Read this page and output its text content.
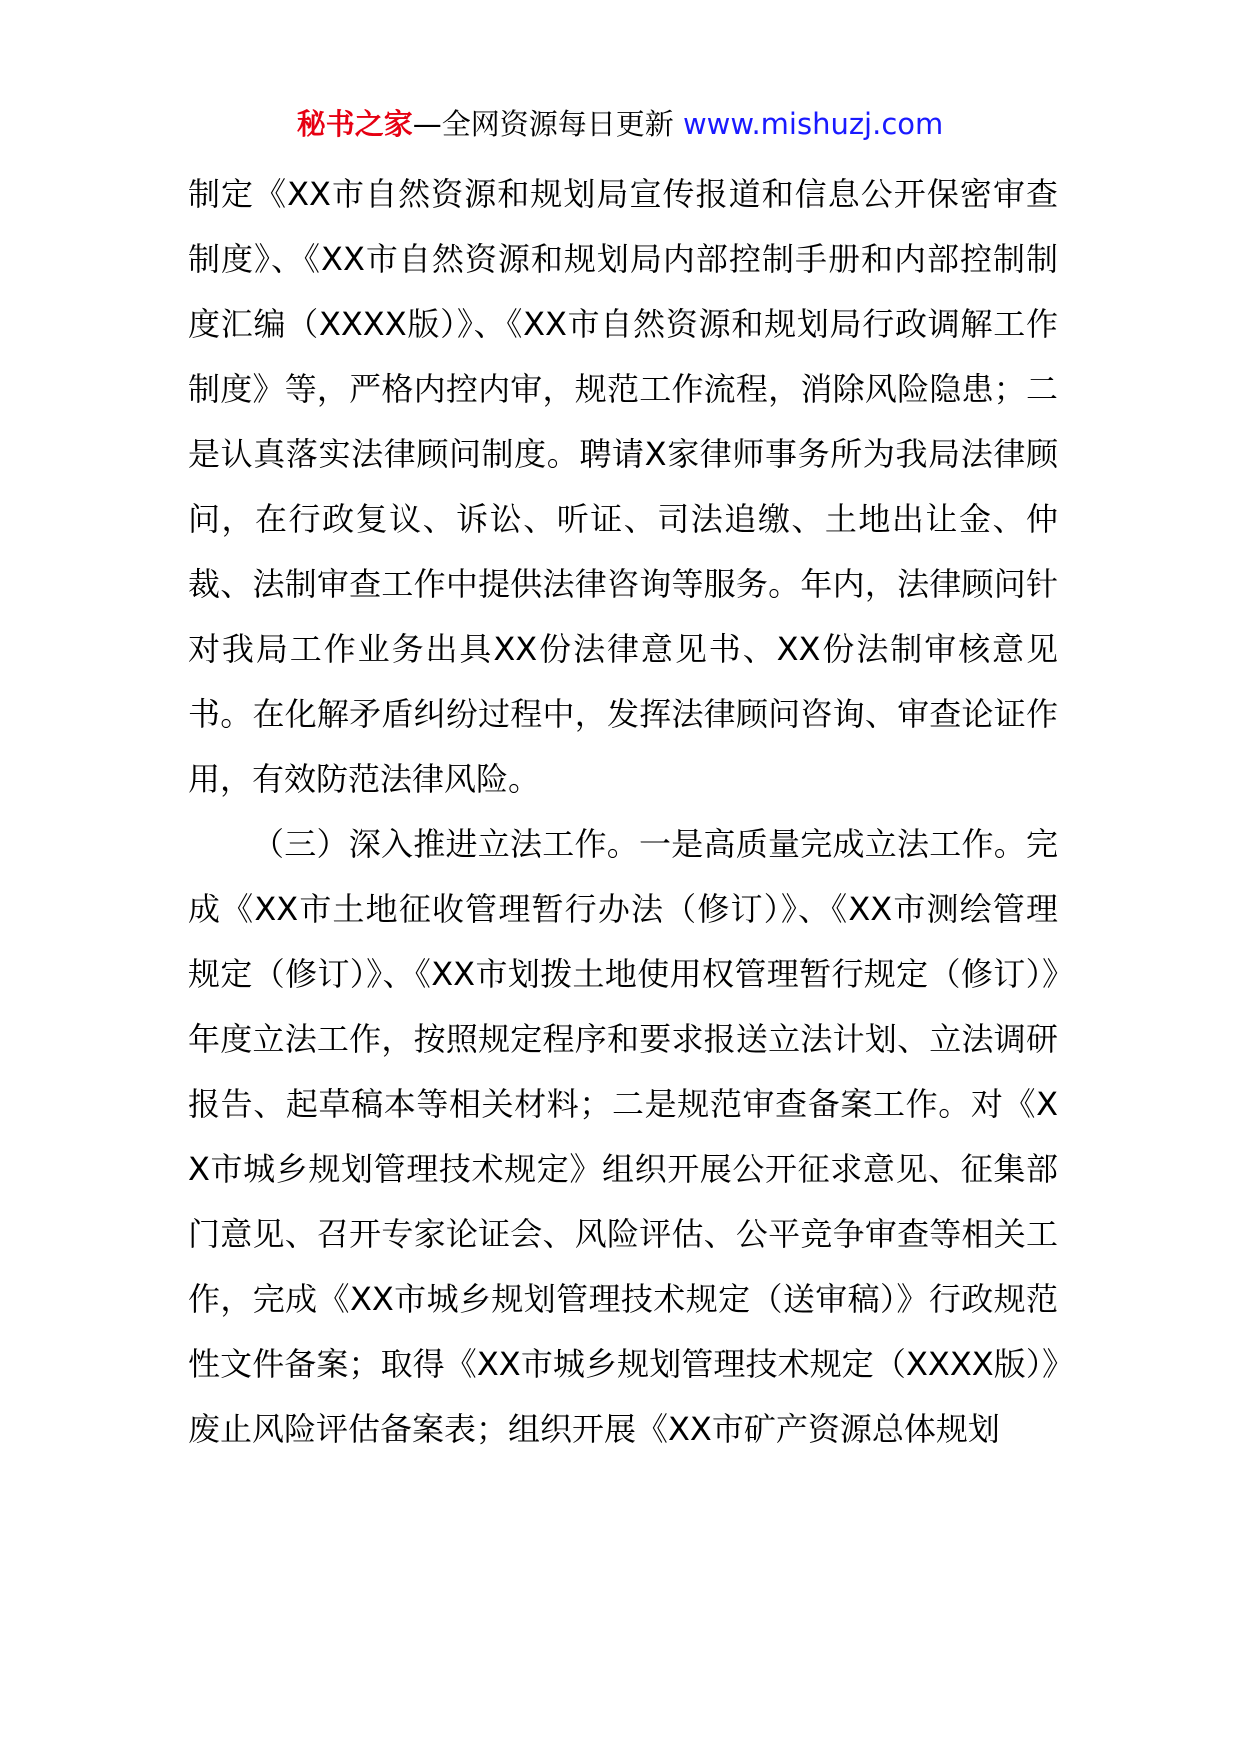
秘书之家—全网资源每日更新 www.mishuzj.com

制定《XX市自然资源和规划局宣传报道和信息公开保密审查制度》、《XX市自然资源和规划局内部控制手册和内部控制制度汇编（XXXX版）》、《XX市自然资源和规划局行政调解工作制度》等，严格内控内审，规范工作流程，消除风险隐患；二是认真落实法律顾问制度。聘请X家律师事务所为我局法律顾问，在行政复议、诉讼、听证、司法追缴、土地出让金、仲裁、法制审查工作中提供法律咨询等服务。年内，法律顾问针对我局工作业务出具XX份法律意见书、XX份法制审核意见书。在化解矛盾纠纷过程中，发挥法律顾问咨询、审查论证作用，有效防范法律风险。

（三）深入推进立法工作。一是高质量完成立法工作。完成《XX市土地征收管理暂行办法（修订）》、《XX市测绘管理规定（修订）》、《XX市划拨土地使用权管理暂行规定（修订）》年度立法工作，按照规定程序和要求报送立法计划、立法调研报告、起草稿本等相关材料；二是规范审查备案工作。对《XX市城乡规划管理技术规定》组织开展公开征求意见、征集部门意见、召开专家论证会、风险评估、公平竞争审查等相关工作，完成《XX市城乡规划管理技术规定（送审稿）》行政规范性文件备案；取得《XX市城乡规划管理技术规定（XXXX版）》废止风险评估备案表；组织开展《XX市矿产资源总体规划
